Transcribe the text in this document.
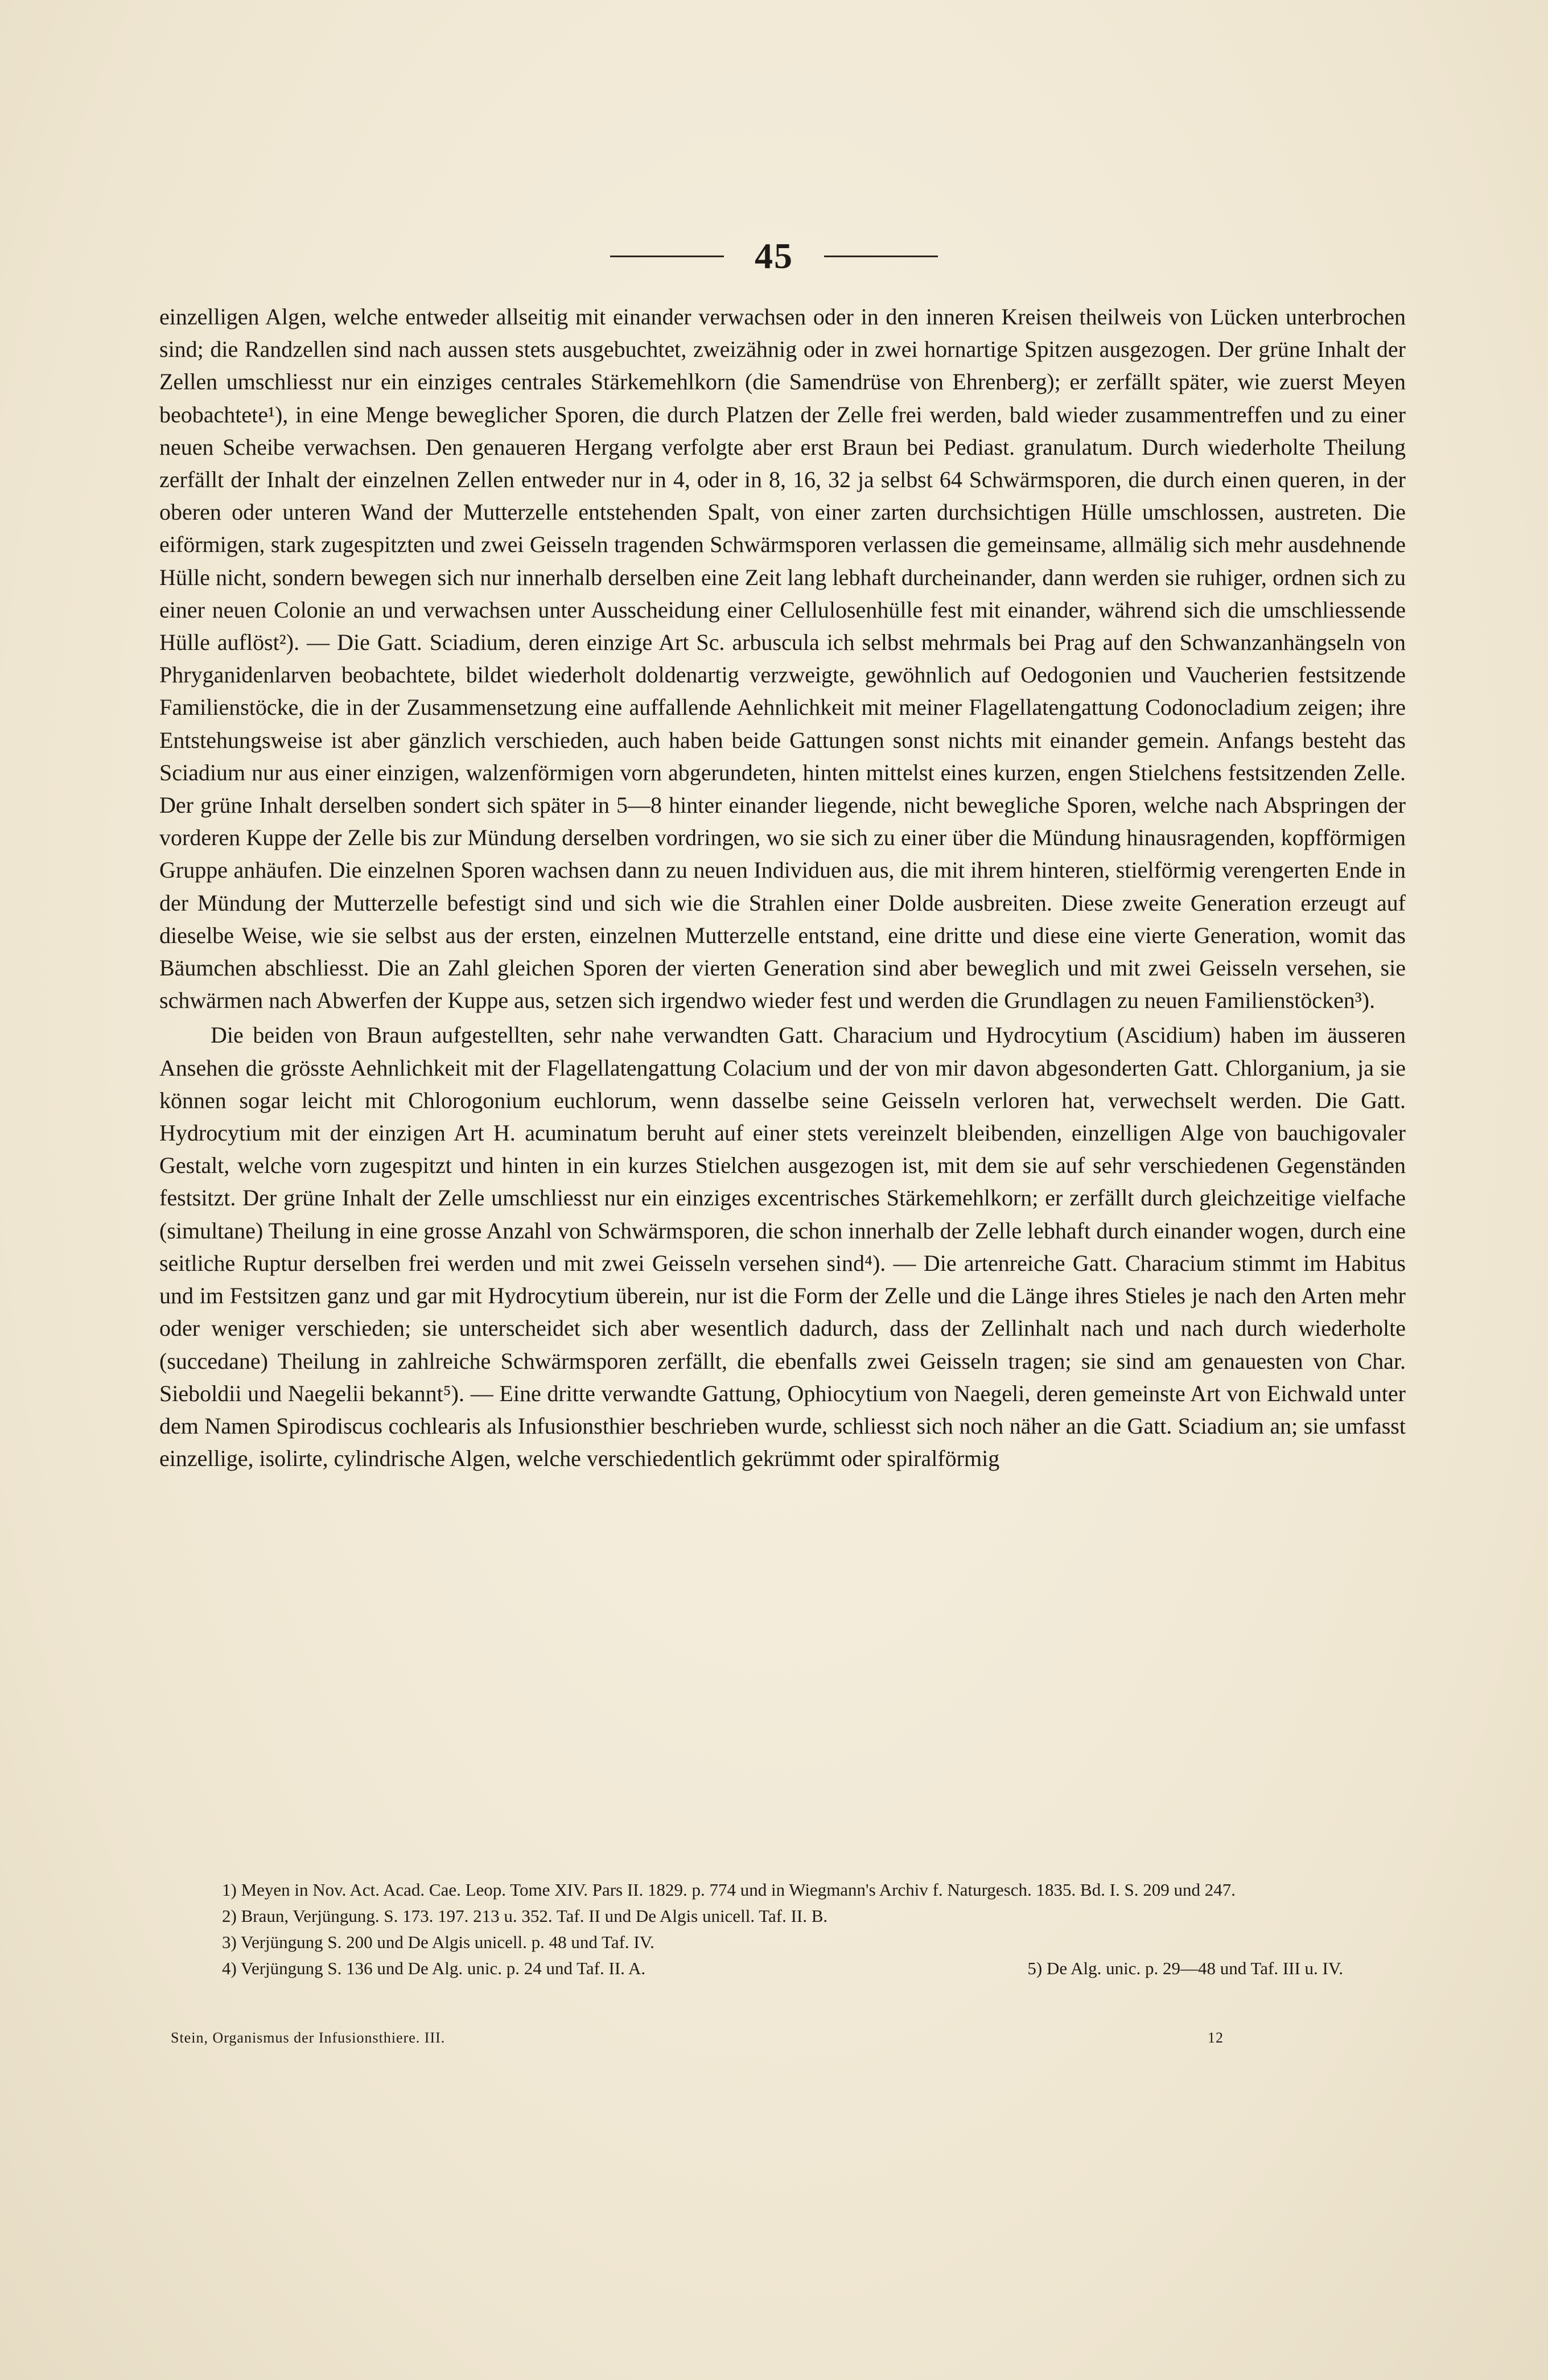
45

einzelligen Algen, welche entweder allseitig mit einander verwachsen oder in den inneren Kreisen theilweis von Lücken unterbrochen sind; die Randzellen sind nach aussen stets ausgebuchtet, zweizähnig oder in zwei hornartige Spitzen ausgezogen. Der grüne Inhalt der Zellen umschliesst nur ein einziges centrales Stärkemehlkorn (die Samendrüse von Ehrenberg); er zerfällt später, wie zuerst Meyen beobachtete¹), in eine Menge beweglicher Sporen, die durch Platzen der Zelle frei werden, bald wieder zusammentreffen und zu einer neuen Scheibe verwachsen. Den genaueren Hergang verfolgte aber erst Braun bei Pediast. granulatum. Durch wiederholte Theilung zerfällt der Inhalt der einzelnen Zellen entweder nur in 4, oder in 8, 16, 32 ja selbst 64 Schwärmsporen, die durch einen queren, in der oberen oder unteren Wand der Mutterzelle entstehenden Spalt, von einer zarten durchsichtigen Hülle umschlossen, austreten. Die eiförmigen, stark zugespitzten und zwei Geisseln tragenden Schwärmsporen verlassen die gemeinsame, allmälig sich mehr ausdehnende Hülle nicht, sondern bewegen sich nur innerhalb derselben eine Zeit lang lebhaft durcheinander, dann werden sie ruhiger, ordnen sich zu einer neuen Colonie an und verwachsen unter Ausscheidung einer Cellulosenhülle fest mit einander, während sich die umschliessende Hülle auflöst²). — Die Gatt. Sciadium, deren einzige Art Sc. arbuscula ich selbst mehrmals bei Prag auf den Schwanzanhängseln von Phryganidenlarven beobachtete, bildet wiederholt doldenartig verzweigte, gewöhnlich auf Oedogonien und Vaucherien festsitzende Familienstöcke, die in der Zusammensetzung eine auffallende Aehnlichkeit mit meiner Flagellatengattung Codonocladium zeigen; ihre Entstehungsweise ist aber gänzlich verschieden, auch haben beide Gattungen sonst nichts mit einander gemein. Anfangs besteht das Sciadium nur aus einer einzigen, walzenförmigen vorn abgerundeten, hinten mittelst eines kurzen, engen Stielchens festsitzenden Zelle. Der grüne Inhalt derselben sondert sich später in 5—8 hinter einander liegende, nicht bewegliche Sporen, welche nach Abspringen der vorderen Kuppe der Zelle bis zur Mündung derselben vordringen, wo sie sich zu einer über die Mündung hinausragenden, kopfförmigen Gruppe anhäufen. Die einzelnen Sporen wachsen dann zu neuen Individuen aus, die mit ihrem hinteren, stielförmig verengerten Ende in der Mündung der Mutterzelle befestigt sind und sich wie die Strahlen einer Dolde ausbreiten. Diese zweite Generation erzeugt auf dieselbe Weise, wie sie selbst aus der ersten, einzelnen Mutterzelle entstand, eine dritte und diese eine vierte Generation, womit das Bäumchen abschliesst. Die an Zahl gleichen Sporen der vierten Generation sind aber beweglich und mit zwei Geisseln versehen, sie schwärmen nach Abwerfen der Kuppe aus, setzen sich irgendwo wieder fest und werden die Grundlagen zu neuen Familienstöcken³).

Die beiden von Braun aufgestellten, sehr nahe verwandten Gatt. Characium und Hydrocytium (Ascidium) haben im äusseren Ansehen die grösste Aehnlichkeit mit der Flagellatengattung Colacium und der von mir davon abgesonderten Gatt. Chlorganium, ja sie können sogar leicht mit Chlorogonium euchlorum, wenn dasselbe seine Geisseln verloren hat, verwechselt werden. Die Gatt. Hydrocytium mit der einzigen Art H. acuminatum beruht auf einer stets vereinzelt bleibenden, einzelligen Alge von bauchigovaler Gestalt, welche vorn zugespitzt und hinten in ein kurzes Stielchen ausgezogen ist, mit dem sie auf sehr verschiedenen Gegenständen festsitzt. Der grüne Inhalt der Zelle umschliesst nur ein einziges excentrisches Stärkemehlkorn; er zerfällt durch gleichzeitige vielfache (simultane) Theilung in eine grosse Anzahl von Schwärmsporen, die schon innerhalb der Zelle lebhaft durch einander wogen, durch eine seitliche Ruptur derselben frei werden und mit zwei Geisseln versehen sind⁴). — Die artenreiche Gatt. Characium stimmt im Habitus und im Festsitzen ganz und gar mit Hydrocytium überein, nur ist die Form der Zelle und die Länge ihres Stieles je nach den Arten mehr oder weniger verschieden; sie unterscheidet sich aber wesentlich dadurch, dass der Zellinhalt nach und nach durch wiederholte (succedane) Theilung in zahlreiche Schwärmsporen zerfällt, die ebenfalls zwei Geisseln tragen; sie sind am genauesten von Char. Sieboldii und Naegelii bekannt⁵). — Eine dritte verwandte Gattung, Ophiocytium von Naegeli, deren gemeinste Art von Eichwald unter dem Namen Spirodiscus cochlearis als Infusionsthier beschrieben wurde, schliesst sich noch näher an die Gatt. Sciadium an; sie umfasst einzellige, isolirte, cylindrische Algen, welche verschiedentlich gekrümmt oder spiralförmig

1) Meyen in Nov. Act. Acad. Cae. Leop. Tome XIV. Pars II. 1829. p. 774 und in Wiegmann's Archiv f. Naturgesch. 1835. Bd. I. S. 209 und 247.

2) Braun, Verjüngung. S. 173. 197. 213 u. 352. Taf. II und De Algis unicell. Taf. II. B.

3) Verjüngung S. 200 und De Algis unicell. p. 48 und Taf. IV.

4) Verjüngung S. 136 und De Alg. unic. p. 24 und Taf. II. A.	5) De Alg. unic. p. 29—48 und Taf. III u. IV.
Stein, Organismus der Infusionsthiere. III.	12
